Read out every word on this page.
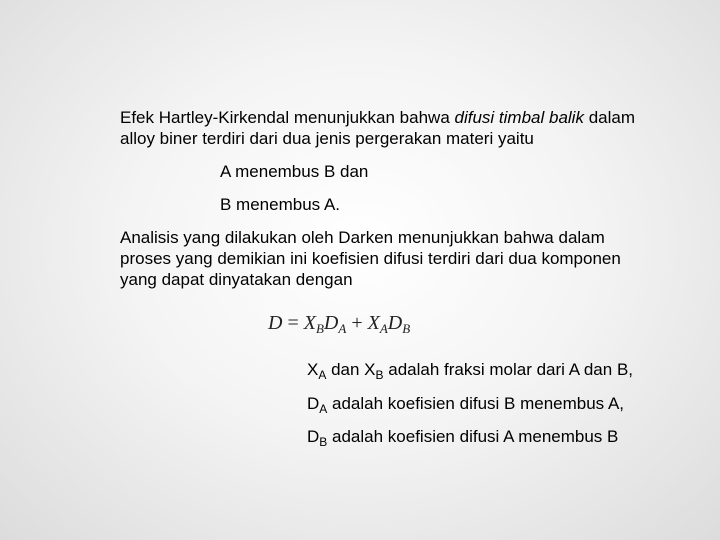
Efek Hartley-Kirkendal menunjukkan bahwa difusi timbal balik dalam
alloy biner terdiri dari dua jenis pergerakan materi yaitu
A menembus B dan
B menembus A.
Analisis yang dilakukan oleh Darken menunjukkan bahwa dalam
proses yang demikian ini koefisien difusi terdiri dari dua komponen
yang dapat dinyatakan dengan
$D = X_BD_A + X_AD_B$
$X_A$ dan $X_B$ adalah fraksi molar dari A dan B,
$D_A$ adalah koefisien difusi B menembus A,
$D_B$ adalah koefisien difusi A menembus B
